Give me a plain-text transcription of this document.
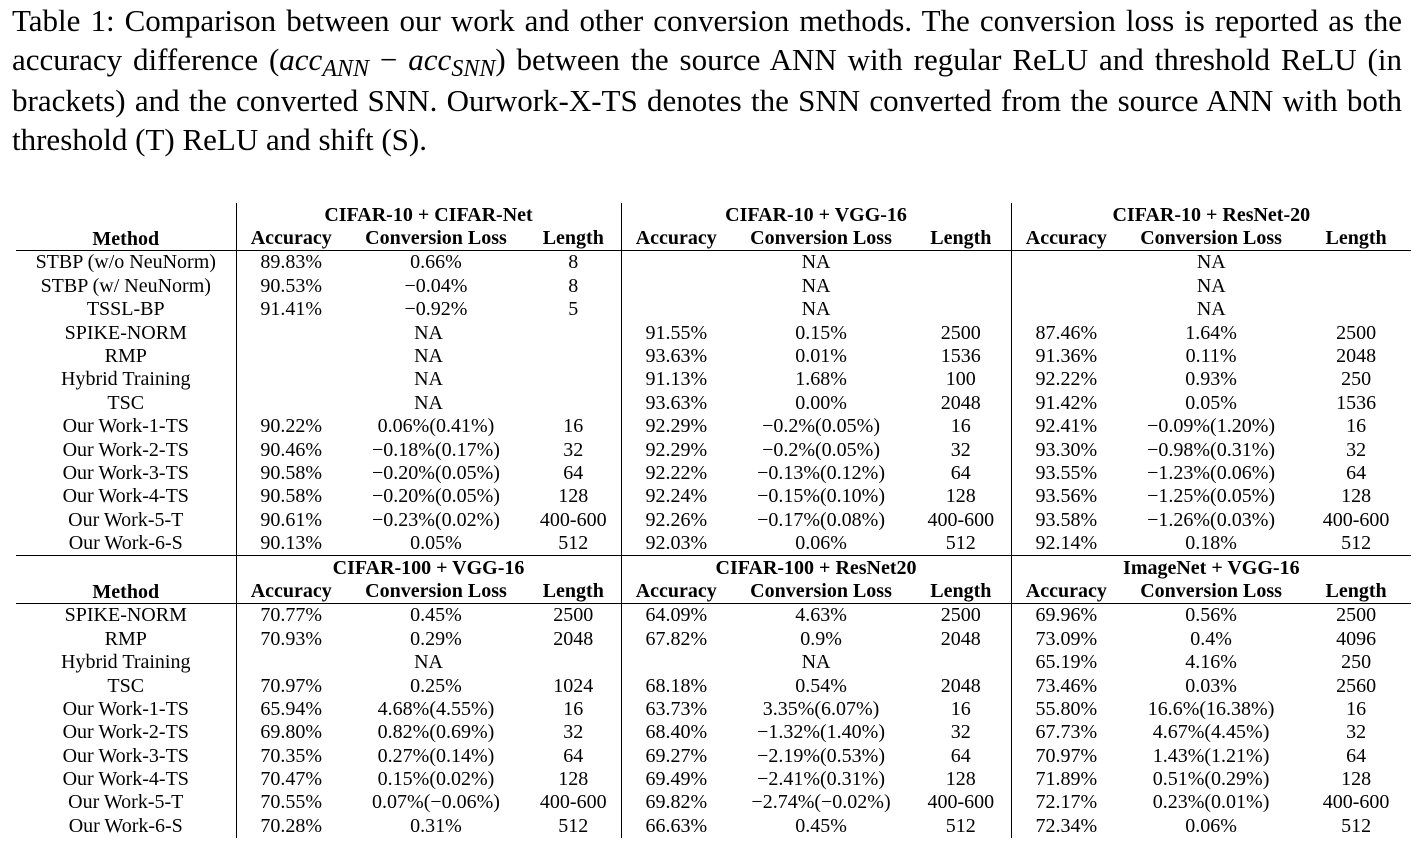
Table 1: Comparison between our work and other conversion methods. The conversion loss is reported as the accuracy difference (accANN − accSNN) between the source ANN with regular ReLU and threshold ReLU (in brackets) and the converted SNN. Ourwork-X-TS denotes the SNN converted from the source ANN with both threshold (T) ReLU and shift (S).
Method	CIFAR-10 + CIFAR-Net			CIFAR-10 + VGG-16			CIFAR-10 + ResNet-20		
	Accuracy	Conversion Loss	Length	Accuracy	Conversion Loss	Length	Accuracy	Conversion Loss	Length
STBP (w/o NeuNorm)	89.83%	0.66%	8	NA			NA		
STBP (w/ NeuNorm)	90.53%	−0.04%	8	NA			NA		
TSSL-BP	91.41%	−0.92%	5	NA			NA		
SPIKE-NORM	NA			91.55%	0.15%	2500	87.46%	1.64%	2500
RMP	NA			93.63%	0.01%	1536	91.36%	0.11%	2048
Hybrid Training	NA			91.13%	1.68%	100	92.22%	0.93%	250
TSC	NA			93.63%	0.00%	2048	91.42%	0.05%	1536
Our Work-1-TS	90.22%	0.06%(0.41%)	16	92.29%	−0.2%(0.05%)	16	92.41%	−0.09%(1.20%)	16
Our Work-2-TS	90.46%	−0.18%(0.17%)	32	92.29%	−0.2%(0.05%)	32	93.30%	−0.98%(0.31%)	32
Our Work-3-TS	90.58%	−0.20%(0.05%)	64	92.22%	−0.13%(0.12%)	64	93.55%	−1.23%(0.06%)	64
Our Work-4-TS	90.58%	−0.20%(0.05%)	128	92.24%	−0.15%(0.10%)	128	93.56%	−1.25%(0.05%)	128
Our Work-5-T	90.61%	−0.23%(0.02%)	400-600	92.26%	−0.17%(0.08%)	400-600	93.58%	−1.26%(0.03%)	400-600
Our Work-6-S	90.13%	0.05%	512	92.03%	0.06%	512	92.14%	0.18%	512
Method	CIFAR-100 + VGG-16			CIFAR-100 + ResNet20			ImageNet + VGG-16		
	Accuracy	Conversion Loss	Length	Accuracy	Conversion Loss	Length	Accuracy	Conversion Loss	Length
SPIKE-NORM	70.77%	0.45%	2500	64.09%	4.63%	2500	69.96%	0.56%	2500
RMP	70.93%	0.29%	2048	67.82%	0.9%	2048	73.09%	0.4%	4096
Hybrid Training	NA			NA			65.19%	4.16%	250
TSC	70.97%	0.25%	1024	68.18%	0.54%	2048	73.46%	0.03%	2560
Our Work-1-TS	65.94%	4.68%(4.55%)	16	63.73%	3.35%(6.07%)	16	55.80%	16.6%(16.38%)	16
Our Work-2-TS	69.80%	0.82%(0.69%)	32	68.40%	−1.32%(1.40%)	32	67.73%	4.67%(4.45%)	32
Our Work-3-TS	70.35%	0.27%(0.14%)	64	69.27%	−2.19%(0.53%)	64	70.97%	1.43%(1.21%)	64
Our Work-4-TS	70.47%	0.15%(0.02%)	128	69.49%	−2.41%(0.31%)	128	71.89%	0.51%(0.29%)	128
Our Work-5-T	70.55%	0.07%(−0.06%)	400-600	69.82%	−2.74%(−0.02%)	400-600	72.17%	0.23%(0.01%)	400-600
Our Work-6-S	70.28%	0.31%	512	66.63%	0.45%	512	72.34%	0.06%	512
